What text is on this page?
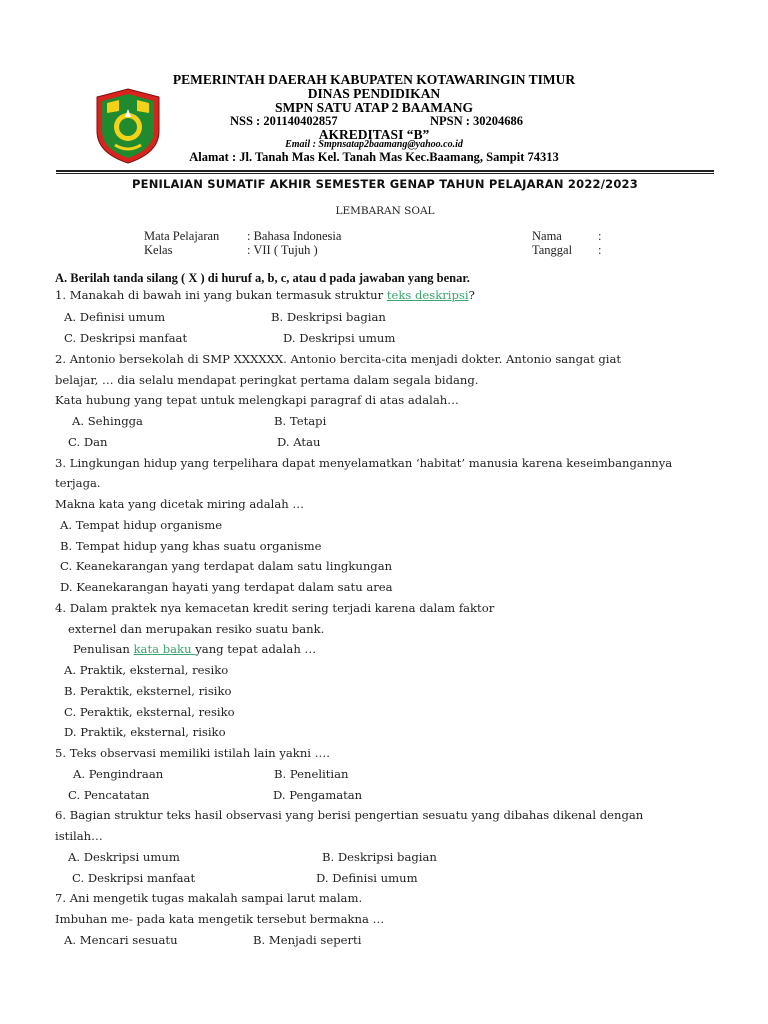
PEMERINTAH DAERAH KABUPATEN KOTAWARINGIN TIMUR
DINAS PENDIDIKAN
SMPN SATU ATAP 2 BAAMANG
NSS : 201140402857	NPSN : 30204686
AKREDITASI “B”
Email : Smpnsatap2baamang@yahoo.co.id
Alamat : Jl. Tanah Mas Kel. Tanah Mas Kec.Baamang, Sampit 74313
PENILAIAN SUMATIF AKHIR SEMESTER GENAP TAHUN PELAJARAN 2022/2023
LEMBARAN SOAL
Mata Pelajaran : Bahasa Indonesia
Kelas	: VII ( Tujuh )
Nama	:
Tanggal :
A. Berilah tanda silang ( X ) di huruf a, b, c, atau d pada jawaban yang benar.
1. Manakah di bawah ini yang bukan termasuk struktur teks deskripsi?
A. Definisi umum	B. Deskripsi bagian
C. Deskripsi manfaat	D. Deskripsi umum
2. Antonio bersekolah di SMP XXXXXX. Antonio bercita-cita menjadi dokter. Antonio sangat giat
belajar, … dia selalu mendapat peringkat pertama dalam segala bidang.
Kata hubung yang tepat untuk melengkapi paragraf di atas adalah…
A. Sehingga	B. Tetapi
C. Dan	D. Atau
3. Lingkungan hidup yang terpelihara dapat menyelamatkan ‘habitat’ manusia karena keseimbangannya
terjaga.
Makna kata yang dicetak miring adalah …
A. Tempat hidup organisme
B. Tempat hidup yang khas suatu organisme
C. Keanekarangan yang terdapat dalam satu lingkungan
D. Keanekarangan hayati yang terdapat dalam satu area
4. Dalam praktek nya kemacetan kredit sering terjadi karena dalam faktor
externel dan merupakan resiko suatu bank.
Penulisan kata baku yang tepat adalah …
A. Praktik, eksternal, resiko
B. Peraktik, eksternel, risiko
C. Peraktik, eksternal, resiko
D. Praktik, eksternal, risiko
5. Teks observasi memiliki istilah lain yakni ….
A. Pengindraan	B. Penelitian
C. Pencatatan	D. Pengamatan
6. Bagian struktur teks hasil observasi yang berisi pengertian sesuatu yang dibahas dikenal dengan
istilah…
A. Deskripsi umum	B. Deskripsi bagian
C. Deskripsi manfaat	D. Definisi umum
7. Ani mengetik tugas makalah sampai larut malam.
Imbuhan me- pada kata mengetik tersebut bermakna …
A. Mencari sesuatu	B. Menjadi seperti
